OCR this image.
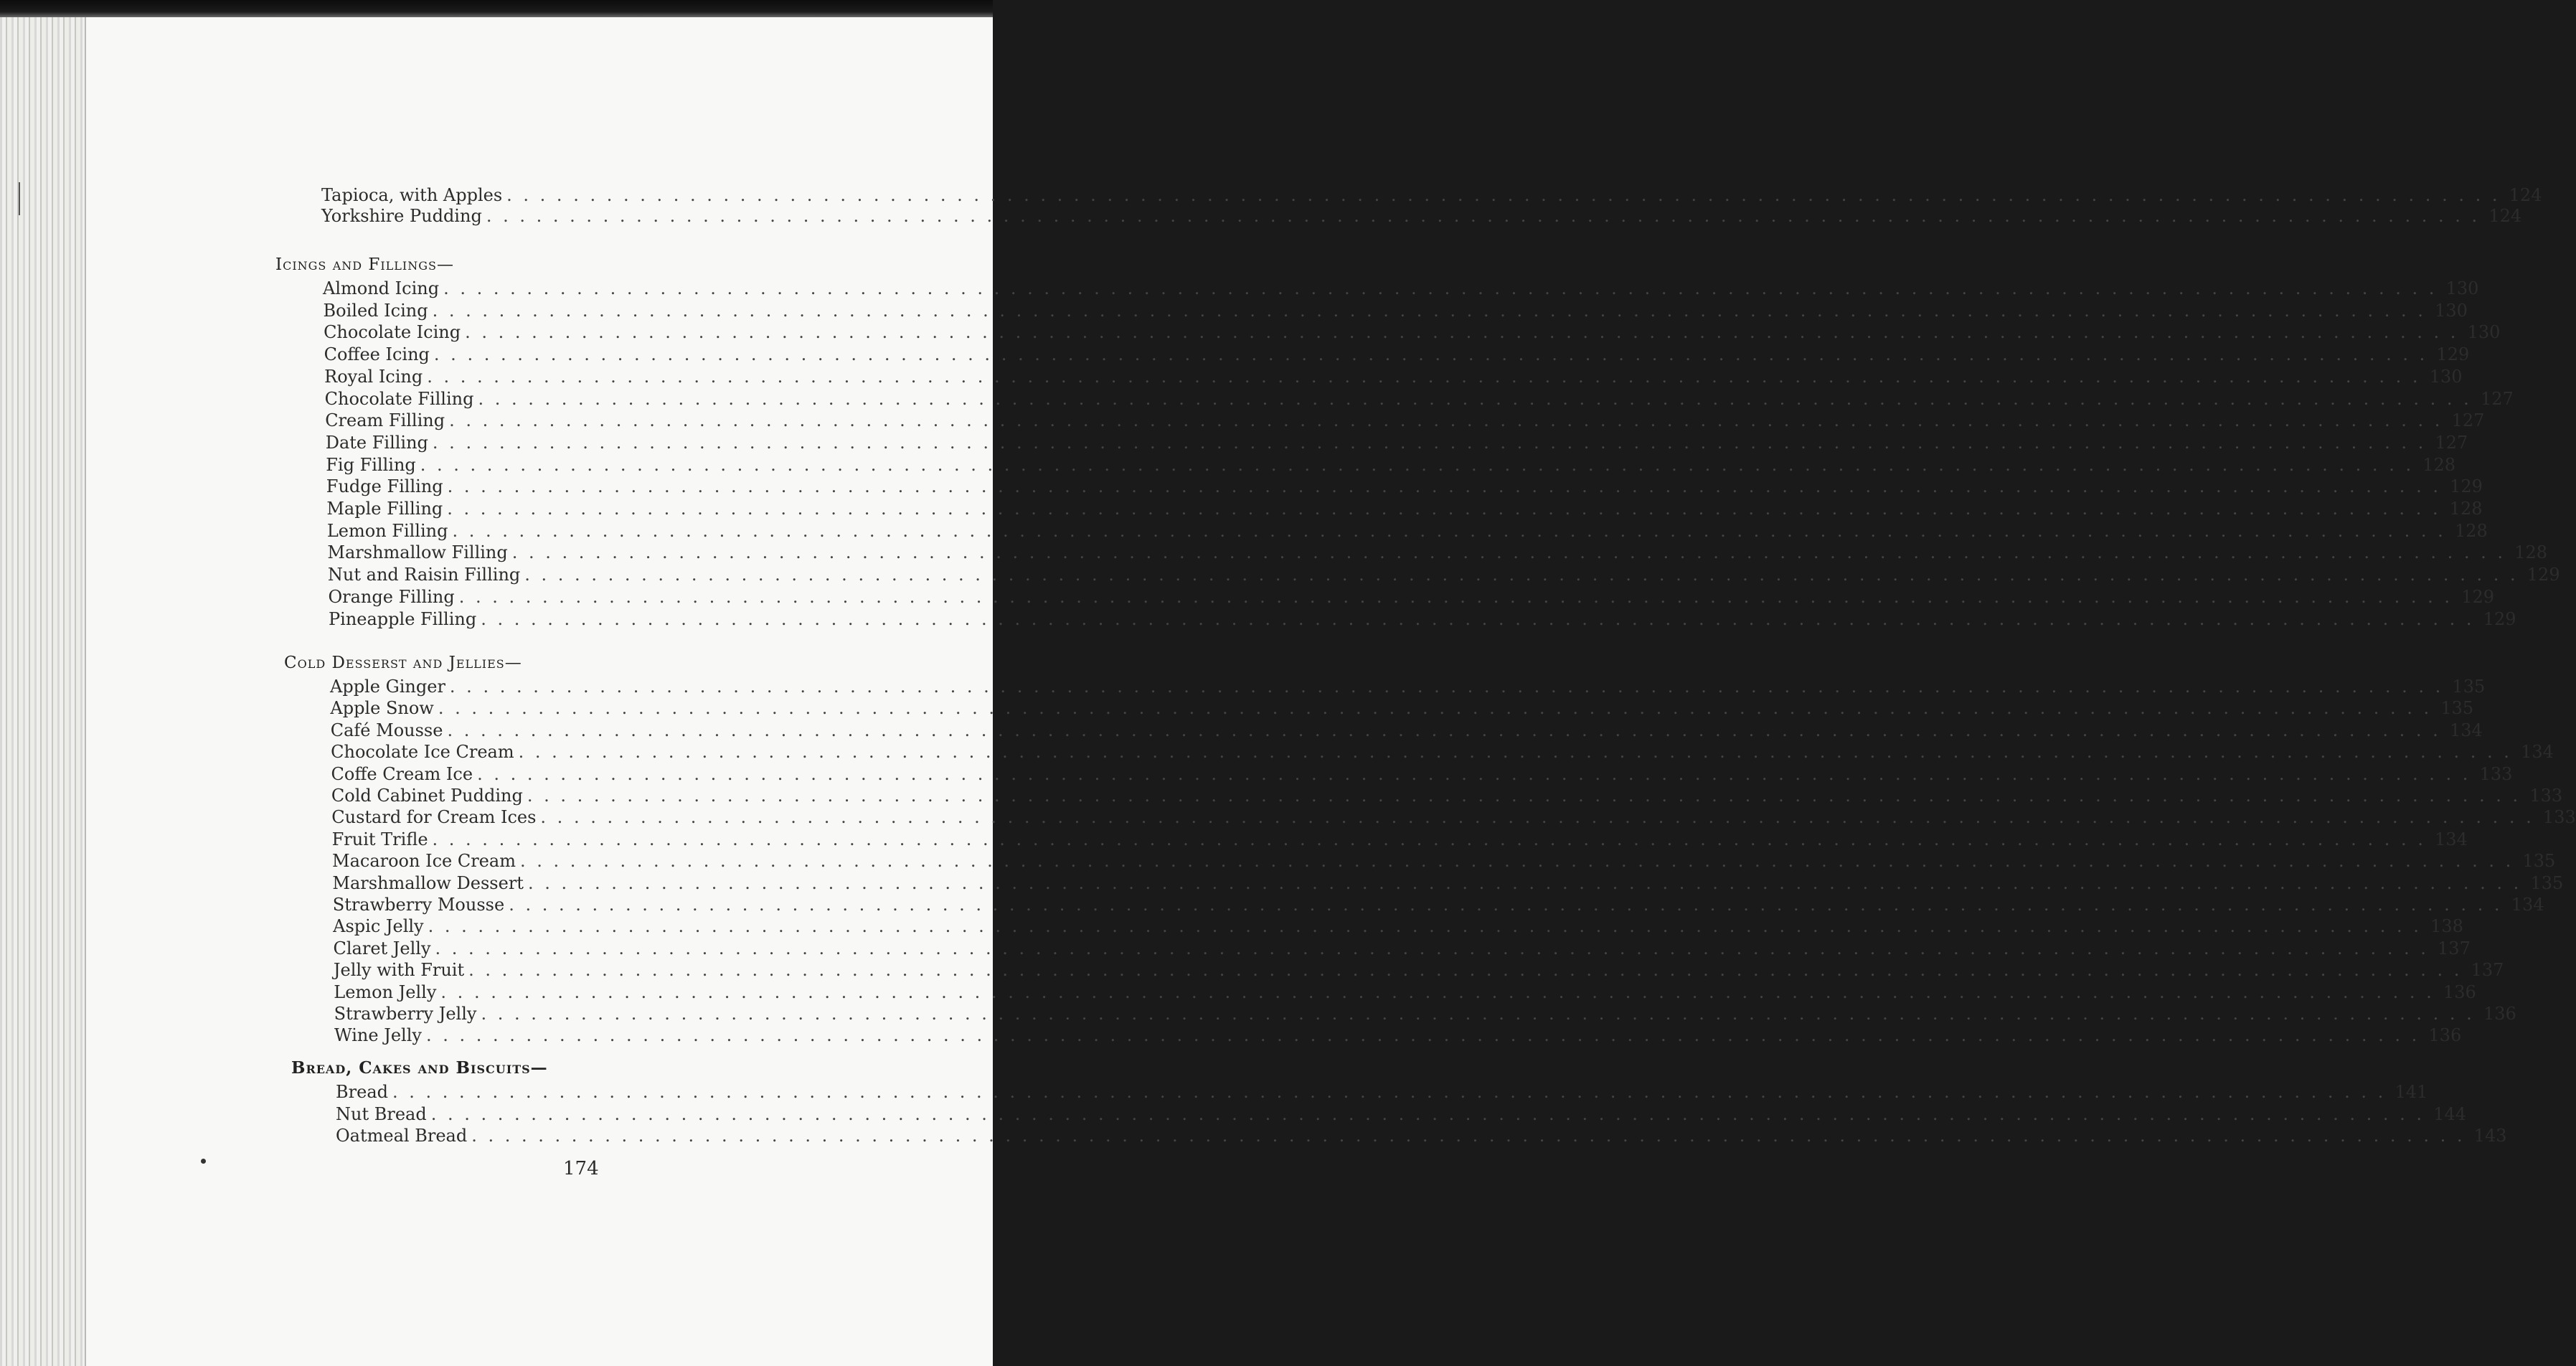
Tapioca, with Apples . . . . . . . . . . . . . . . . . . . . . . . . . . . . . . . . . . . . . . . . . . . . . . . . . . . . . . . . . . . . . . . . . . . . . . . . . . . . . . . . . . . . . . . . . . . . . . . . . . . . . . . . . . . . . . . . . . . . . . . . 124
Yorkshire Pudding . . . . . . . . . . . . . . . . . . . . . . . . . . . . . . . . . . . . . . . . . . . . . . . . . . . . . . . . . . . . . . . . . . . . . . . . . . . . . . . . . . . . . . . . . . . . . . . . . . . . . . . . . . . . . . . . . . . . . . . . 124
Icings and Fillings—
Almond Icing . . . . . . . . . . . . . . . . . . . . . . . . . . . . . . . . . . . . . . . . . . . . . . . . . . . . . . . . . . . . . . . . . . . . . . . . . . . . . . . . . . . . . . . . . . . . . . . . . . . . . . . . . . . . . . . . . . . . . . . . 130
Boiled Icing . . . . . . . . . . . . . . . . . . . . . . . . . . . . . . . . . . . . . . . . . . . . . . . . . . . . . . . . . . . . . . . . . . . . . . . . . . . . . . . . . . . . . . . . . . . . . . . . . . . . . . . . . . . . . . . . . . . . . . . . 130
Chocolate Icing . . . . . . . . . . . . . . . . . . . . . . . . . . . . . . . . . . . . . . . . . . . . . . . . . . . . . . . . . . . . . . . . . . . . . . . . . . . . . . . . . . . . . . . . . . . . . . . . . . . . . . . . . . . . . . . . . . . . . . . . 130
Coffee Icing . . . . . . . . . . . . . . . . . . . . . . . . . . . . . . . . . . . . . . . . . . . . . . . . . . . . . . . . . . . . . . . . . . . . . . . . . . . . . . . . . . . . . . . . . . . . . . . . . . . . . . . . . . . . . . . . . . . . . . . . 129
Royal Icing . . . . . . . . . . . . . . . . . . . . . . . . . . . . . . . . . . . . . . . . . . . . . . . . . . . . . . . . . . . . . . . . . . . . . . . . . . . . . . . . . . . . . . . . . . . . . . . . . . . . . . . . . . . . . . . . . . . . . . . . 130
Chocolate Filling . . . . . . . . . . . . . . . . . . . . . . . . . . . . . . . . . . . . . . . . . . . . . . . . . . . . . . . . . . . . . . . . . . . . . . . . . . . . . . . . . . . . . . . . . . . . . . . . . . . . . . . . . . . . . . . . . . . . . . . . 127
Cream Filling . . . . . . . . . . . . . . . . . . . . . . . . . . . . . . . . . . . . . . . . . . . . . . . . . . . . . . . . . . . . . . . . . . . . . . . . . . . . . . . . . . . . . . . . . . . . . . . . . . . . . . . . . . . . . . . . . . . . . . . . 127
Date Filling . . . . . . . . . . . . . . . . . . . . . . . . . . . . . . . . . . . . . . . . . . . . . . . . . . . . . . . . . . . . . . . . . . . . . . . . . . . . . . . . . . . . . . . . . . . . . . . . . . . . . . . . . . . . . . . . . . . . . . . . 127
Fig Filling . . . . . . . . . . . . . . . . . . . . . . . . . . . . . . . . . . . . . . . . . . . . . . . . . . . . . . . . . . . . . . . . . . . . . . . . . . . . . . . . . . . . . . . . . . . . . . . . . . . . . . . . . . . . . . . . . . . . . . . . 128
Fudge Filling . . . . . . . . . . . . . . . . . . . . . . . . . . . . . . . . . . . . . . . . . . . . . . . . . . . . . . . . . . . . . . . . . . . . . . . . . . . . . . . . . . . . . . . . . . . . . . . . . . . . . . . . . . . . . . . . . . . . . . . . 129
Maple Filling . . . . . . . . . . . . . . . . . . . . . . . . . . . . . . . . . . . . . . . . . . . . . . . . . . . . . . . . . . . . . . . . . . . . . . . . . . . . . . . . . . . . . . . . . . . . . . . . . . . . . . . . . . . . . . . . . . . . . . . . 128
Lemon Filling . . . . . . . . . . . . . . . . . . . . . . . . . . . . . . . . . . . . . . . . . . . . . . . . . . . . . . . . . . . . . . . . . . . . . . . . . . . . . . . . . . . . . . . . . . . . . . . . . . . . . . . . . . . . . . . . . . . . . . . . 128
Marshmallow Filling . . . . . . . . . . . . . . . . . . . . . . . . . . . . . . . . . . . . . . . . . . . . . . . . . . . . . . . . . . . . . . . . . . . . . . . . . . . . . . . . . . . . . . . . . . . . . . . . . . . . . . . . . . . . . . . . . . . . . . . . 128
Nut and Raisin Filling . . . . . . . . . . . . . . . . . . . . . . . . . . . . . . . . . . . . . . . . . . . . . . . . . . . . . . . . . . . . . . . . . . . . . . . . . . . . . . . . . . . . . . . . . . . . . . . . . . . . . . . . . . . . . . . . . . . . . . . . 129
Orange Filling . . . . . . . . . . . . . . . . . . . . . . . . . . . . . . . . . . . . . . . . . . . . . . . . . . . . . . . . . . . . . . . . . . . . . . . . . . . . . . . . . . . . . . . . . . . . . . . . . . . . . . . . . . . . . . . . . . . . . . . . 129
Pineapple Filling . . . . . . . . . . . . . . . . . . . . . . . . . . . . . . . . . . . . . . . . . . . . . . . . . . . . . . . . . . . . . . . . . . . . . . . . . . . . . . . . . . . . . . . . . . . . . . . . . . . . . . . . . . . . . . . . . . . . . . . . 129
Cold Desserst and Jellies—
Apple Ginger . . . . . . . . . . . . . . . . . . . . . . . . . . . . . . . . . . . . . . . . . . . . . . . . . . . . . . . . . . . . . . . . . . . . . . . . . . . . . . . . . . . . . . . . . . . . . . . . . . . . . . . . . . . . . . . . . . . . . . . . 135
Apple Snow . . . . . . . . . . . . . . . . . . . . . . . . . . . . . . . . . . . . . . . . . . . . . . . . . . . . . . . . . . . . . . . . . . . . . . . . . . . . . . . . . . . . . . . . . . . . . . . . . . . . . . . . . . . . . . . . . . . . . . . . 135
Café Mousse . . . . . . . . . . . . . . . . . . . . . . . . . . . . . . . . . . . . . . . . . . . . . . . . . . . . . . . . . . . . . . . . . . . . . . . . . . . . . . . . . . . . . . . . . . . . . . . . . . . . . . . . . . . . . . . . . . . . . . . . 134
Chocolate Ice Cream . . . . . . . . . . . . . . . . . . . . . . . . . . . . . . . . . . . . . . . . . . . . . . . . . . . . . . . . . . . . . . . . . . . . . . . . . . . . . . . . . . . . . . . . . . . . . . . . . . . . . . . . . . . . . . . . . . . . . . . . 134
Coffe Cream Ice . . . . . . . . . . . . . . . . . . . . . . . . . . . . . . . . . . . . . . . . . . . . . . . . . . . . . . . . . . . . . . . . . . . . . . . . . . . . . . . . . . . . . . . . . . . . . . . . . . . . . . . . . . . . . . . . . . . . . . . . 133
Cold Cabinet Pudding . . . . . . . . . . . . . . . . . . . . . . . . . . . . . . . . . . . . . . . . . . . . . . . . . . . . . . . . . . . . . . . . . . . . . . . . . . . . . . . . . . . . . . . . . . . . . . . . . . . . . . . . . . . . . . . . . . . . . . . . 133
Custard for Cream Ices . . . . . . . . . . . . . . . . . . . . . . . . . . . . . . . . . . . . . . . . . . . . . . . . . . . . . . . . . . . . . . . . . . . . . . . . . . . . . . . . . . . . . . . . . . . . . . . . . . . . . . . . . . . . . . . . . . . . . . . . 133
Fruit Trifle . . . . . . . . . . . . . . . . . . . . . . . . . . . . . . . . . . . . . . . . . . . . . . . . . . . . . . . . . . . . . . . . . . . . . . . . . . . . . . . . . . . . . . . . . . . . . . . . . . . . . . . . . . . . . . . . . . . . . . . . 134
Macaroon Ice Cream . . . . . . . . . . . . . . . . . . . . . . . . . . . . . . . . . . . . . . . . . . . . . . . . . . . . . . . . . . . . . . . . . . . . . . . . . . . . . . . . . . . . . . . . . . . . . . . . . . . . . . . . . . . . . . . . . . . . . . . . 135
Marshmallow Dessert . . . . . . . . . . . . . . . . . . . . . . . . . . . . . . . . . . . . . . . . . . . . . . . . . . . . . . . . . . . . . . . . . . . . . . . . . . . . . . . . . . . . . . . . . . . . . . . . . . . . . . . . . . . . . . . . . . . . . . . . 135
Strawberry Mousse . . . . . . . . . . . . . . . . . . . . . . . . . . . . . . . . . . . . . . . . . . . . . . . . . . . . . . . . . . . . . . . . . . . . . . . . . . . . . . . . . . . . . . . . . . . . . . . . . . . . . . . . . . . . . . . . . . . . . . . . 134
Aspic Jelly . . . . . . . . . . . . . . . . . . . . . . . . . . . . . . . . . . . . . . . . . . . . . . . . . . . . . . . . . . . . . . . . . . . . . . . . . . . . . . . . . . . . . . . . . . . . . . . . . . . . . . . . . . . . . . . . . . . . . . . . 138
Claret Jelly . . . . . . . . . . . . . . . . . . . . . . . . . . . . . . . . . . . . . . . . . . . . . . . . . . . . . . . . . . . . . . . . . . . . . . . . . . . . . . . . . . . . . . . . . . . . . . . . . . . . . . . . . . . . . . . . . . . . . . . . 137
Jelly with Fruit . . . . . . . . . . . . . . . . . . . . . . . . . . . . . . . . . . . . . . . . . . . . . . . . . . . . . . . . . . . . . . . . . . . . . . . . . . . . . . . . . . . . . . . . . . . . . . . . . . . . . . . . . . . . . . . . . . . . . . . . 137
Lemon Jelly . . . . . . . . . . . . . . . . . . . . . . . . . . . . . . . . . . . . . . . . . . . . . . . . . . . . . . . . . . . . . . . . . . . . . . . . . . . . . . . . . . . . . . . . . . . . . . . . . . . . . . . . . . . . . . . . . . . . . . . . 136
Strawberry Jelly . . . . . . . . . . . . . . . . . . . . . . . . . . . . . . . . . . . . . . . . . . . . . . . . . . . . . . . . . . . . . . . . . . . . . . . . . . . . . . . . . . . . . . . . . . . . . . . . . . . . . . . . . . . . . . . . . . . . . . . . 136
Wine Jelly . . . . . . . . . . . . . . . . . . . . . . . . . . . . . . . . . . . . . . . . . . . . . . . . . . . . . . . . . . . . . . . . . . . . . . . . . . . . . . . . . . . . . . . . . . . . . . . . . . . . . . . . . . . . . . . . . . . . . . . . 136
Bread, Cakes and Biscuits—
Bread . . . . . . . . . . . . . . . . . . . . . . . . . . . . . . . . . . . . . . . . . . . . . . . . . . . . . . . . . . . . . . . . . . . . . . . . . . . . . . . . . . . . . . . . . . . . . . . . . . . . . . . . . . . . . . . . . . . . . . . . 141
Nut Bread . . . . . . . . . . . . . . . . . . . . . . . . . . . . . . . . . . . . . . . . . . . . . . . . . . . . . . . . . . . . . . . . . . . . . . . . . . . . . . . . . . . . . . . . . . . . . . . . . . . . . . . . . . . . . . . . . . . . . . . . 144
Oatmeal Bread . . . . . . . . . . . . . . . . . . . . . . . . . . . . . . . . . . . . . . . . . . . . . . . . . . . . . . . . . . . . . . . . . . . . . . . . . . . . . . . . . . . . . . . . . . . . . . . . . . . . . . . . . . . . . . . . . . . . . . . . 143
174
